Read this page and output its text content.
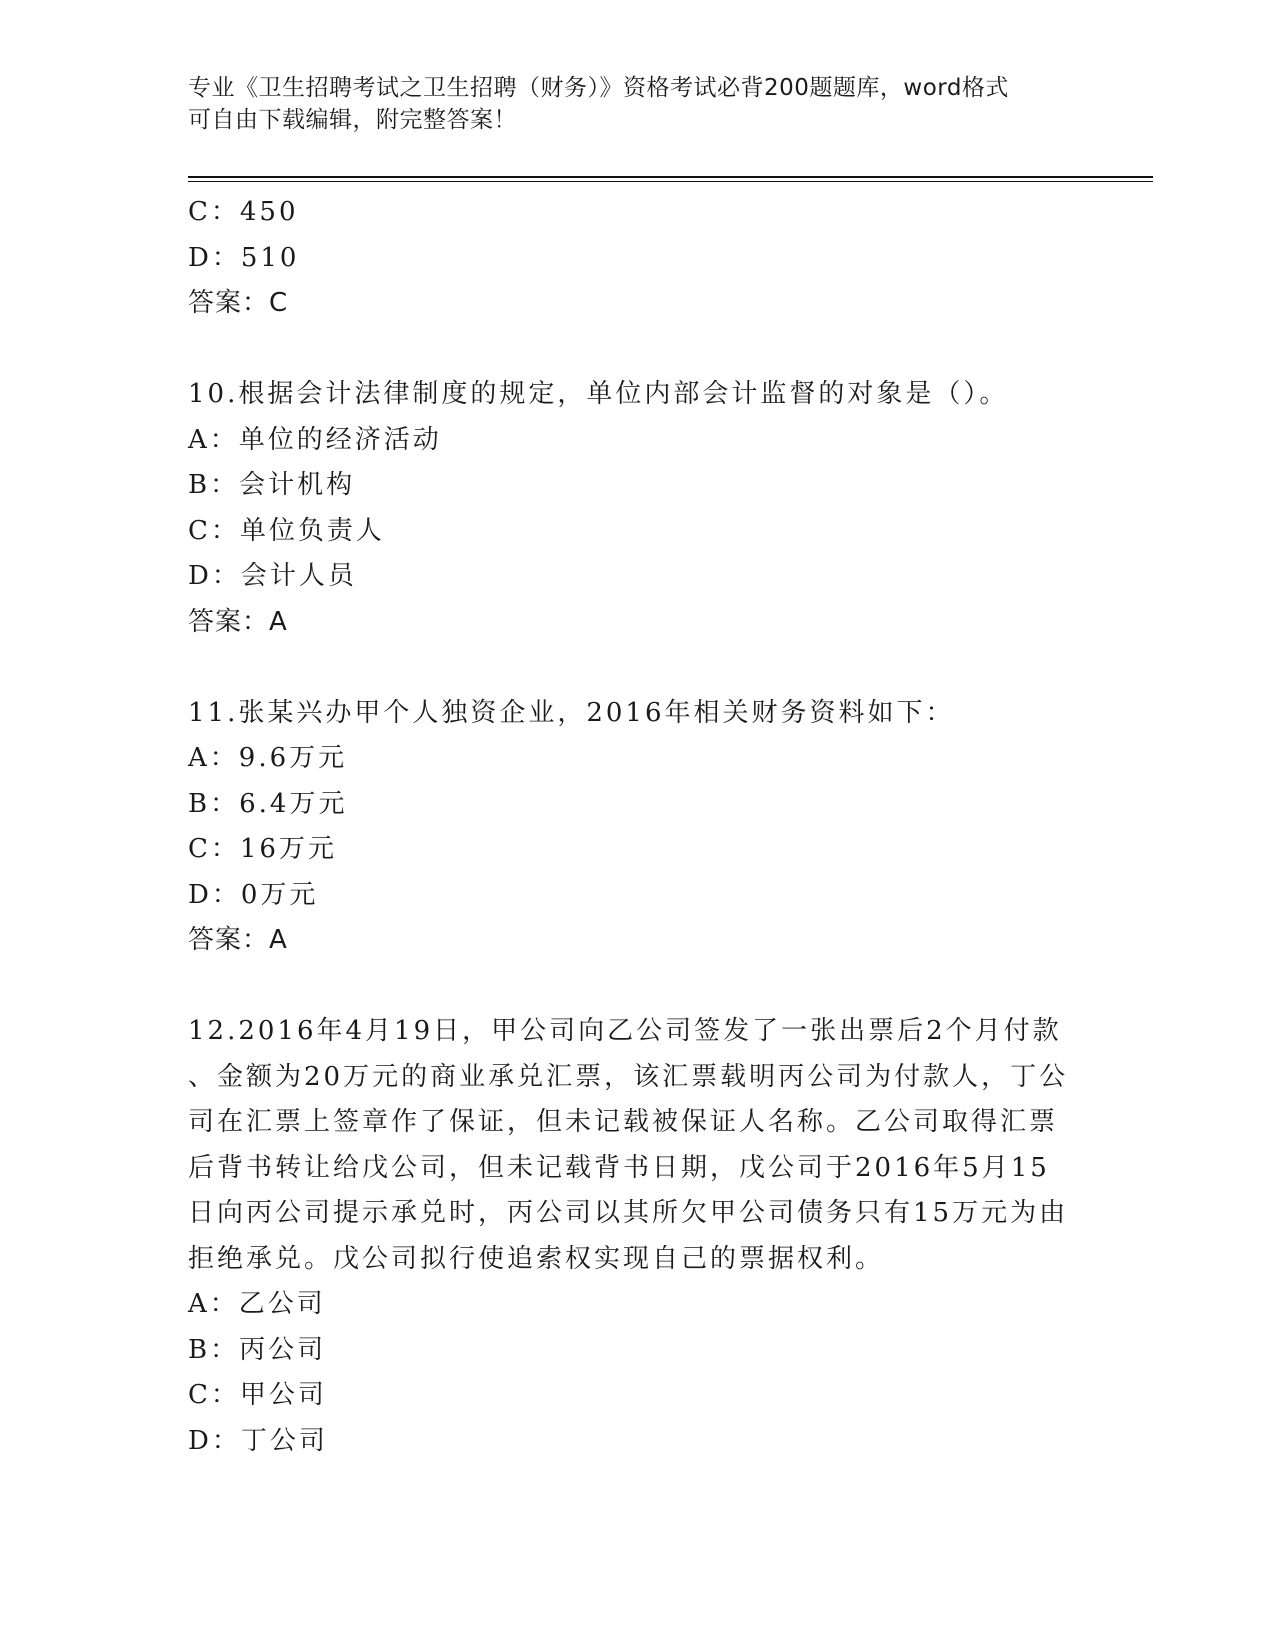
专业《卫生招聘考试之卫生招聘（财务）》资格考试必背200题题库，word格式
可自由下载编辑，附完整答案！
C：450
D：510
答案：C
10.根据会计法律制度的规定，单位内部会计监督的对象是（）。
A：单位的经济活动
B：会计机构
C：单位负责人
D：会计人员
答案：A
11.张某兴办甲个人独资企业，2016年相关财务资料如下：
A：9.6万元
B：6.4万元
C：16万元
D：0万元
答案：A
12.2016年4月19日，甲公司向乙公司签发了一张出票后2个月付款
、金额为20万元的商业承兑汇票，该汇票载明丙公司为付款人，丁公
司在汇票上签章作了保证，但未记载被保证人名称。乙公司取得汇票
后背书转让给戊公司，但未记载背书日期，戊公司于2016年5月15
日向丙公司提示承兑时，丙公司以其所欠甲公司债务只有15万元为由
拒绝承兑。戊公司拟行使追索权实现自己的票据权利。
A：乙公司
B：丙公司
C：甲公司
D：丁公司
